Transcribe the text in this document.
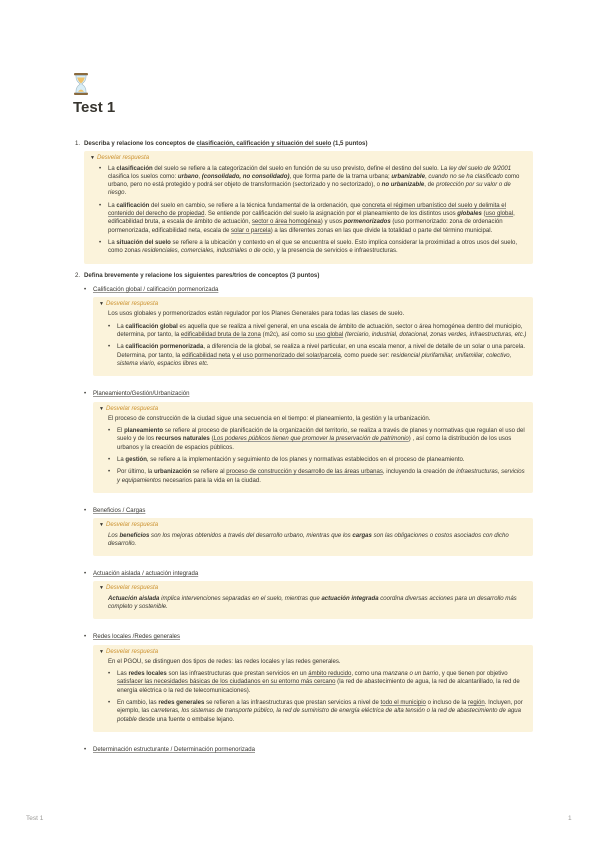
Test 1
1. Describa y relacione los conceptos de clasificación, calificación y situación del suelo (1,5 puntos)
▼ Desvelar respuesta
• La clasificación del suelo se refiere a la categorización del suelo en función de su uso previsto, define el destino del suelo. La ley del suelo de 9/2001 clasifica los suelos como: urbano, (consolidado, no consolidado), que forma parte de la trama urbana; urbanizable, cuando no se ha clasificado como urbano, pero no está protegido y podrá ser objeto de transformación (sectorizado y no sectorizado), o no urbanizable, de protección por su valor o de riesgo.
• La calificación del suelo en cambio, se refiere a la técnica fundamental de la ordenación, que concreta el régimen urbanístico del suelo y delimita el contenido del derecho de propiedad. Se entiende por calificación del suelo la asignación por el planeamiento de los distintos usos globales (uso global, edificabilidad bruta, a escala de ámbito de actuación, sector o área homogénea) y usos pormenorizados (uso pormenorizado: zona de ordenación pormenorizada, edificabilidad neta, escala de solar o parcela) a las diferentes zonas en las que divide la totalidad o parte del término municipal.
• La situación del suelo se refiere a la ubicación y contexto en el que se encuentra el suelo. Esto implica considerar la proximidad a otros usos del suelo, como zonas residenciales, comerciales, industriales o de ocio, y la presencia de servicios e infraestructuras.
2. Defina brevemente y relacione los siguientes pares/tríos de conceptos (3 puntos)
• Calificación global / calificación pormenorizada
▼ Desvelar respuesta
Los usos globales y pormenorizados están regulador por los Planes Generales para todas las clases de suelo.
• La calificación global es aquella que se realiza a nivel general, en una escala de ámbito de actuación, sector o área homogénea dentro del municipio, determina, por tanto, la edificabilidad bruta de la zona (m2c), así como su uso global (terciario, industrial, dotacional, zonas verdes, infraestructuras, etc.)
• La calificación pormenorizada, a diferencia de la global, se realiza a nivel particular, en una escala menor, a nivel de detalle de un solar o una parcela. Determina, por tanto, la edificabilidad neta y el uso pormenorizado del solar/parcela, como puede ser: residencial plurifamiliar, unifamiliar, colectivo, sistema viario, espacios libres etc.
• Planeamiento/Gestión/Urbanización
▼ Desvelar respuesta
El proceso de construcción de la ciudad sigue una secuencia en el tiempo: el planeamiento, la gestión y la urbanización.
• El planeamiento se refiere al proceso de planificación de la organización del territorio, se realiza a través de planes y normativas que regulan el uso del suelo y de los recursos naturales (Los poderes públicos tienen que promover la preservación de patrimonio) , así como la distribución de los usos urbanos y la creación de espacios públicos.
• La gestión, se refiere a la implementación y seguimiento de los planes y normativas establecidos en el proceso de planeamiento.
• Por último, la urbanización se refiere al proceso de construcción y desarrollo de las áreas urbanas, incluyendo la creación de infraestructuras, servicios y equipamientos necesarios para la vida en la ciudad.
• Beneficios / Cargas
▼ Desvelar respuesta
Los beneficios son los mejoras obtenidos a través del desarrollo urbano, mientras que los cargas son las obligaciones o costos asociados con dicho desarrollo.
• Actuación aislada / actuación integrada
▼ Desvelar respuesta
Actuación aislada implica intervenciones separadas en el suelo, mientras que actuación integrada coordina diversas acciones para un desarrollo más completo y sostenible.
• Redes locales /Redes generales
▼ Desvelar respuesta
En el PGOU, se distinguen dos tipos de redes: las redes locales y las redes generales.
• Las redes locales son las infraestructuras que prestan servicios en un ámbito reducido, como una manzana o un barrio, y que tienen por objetivo satisfacer las necesidades básicas de los ciudadanos en su entorno más cercano (la red de abastecimiento de agua, la red de alcantarillado, la red de energía eléctrica o la red de telecomunicaciones).
• En cambio, las redes generales se refieren a las infraestructuras que prestan servicios a nivel de todo el municipio o incluso de la región. Incluyen, por ejemplo, las carreteras, los sistemas de transporte público, la red de suministro de energía eléctrica de alta tensión o la red de abastecimiento de agua potable desde una fuente o embalse lejano.
• Determinación estructurante / Determinación pormenorizada
Test 1	1
